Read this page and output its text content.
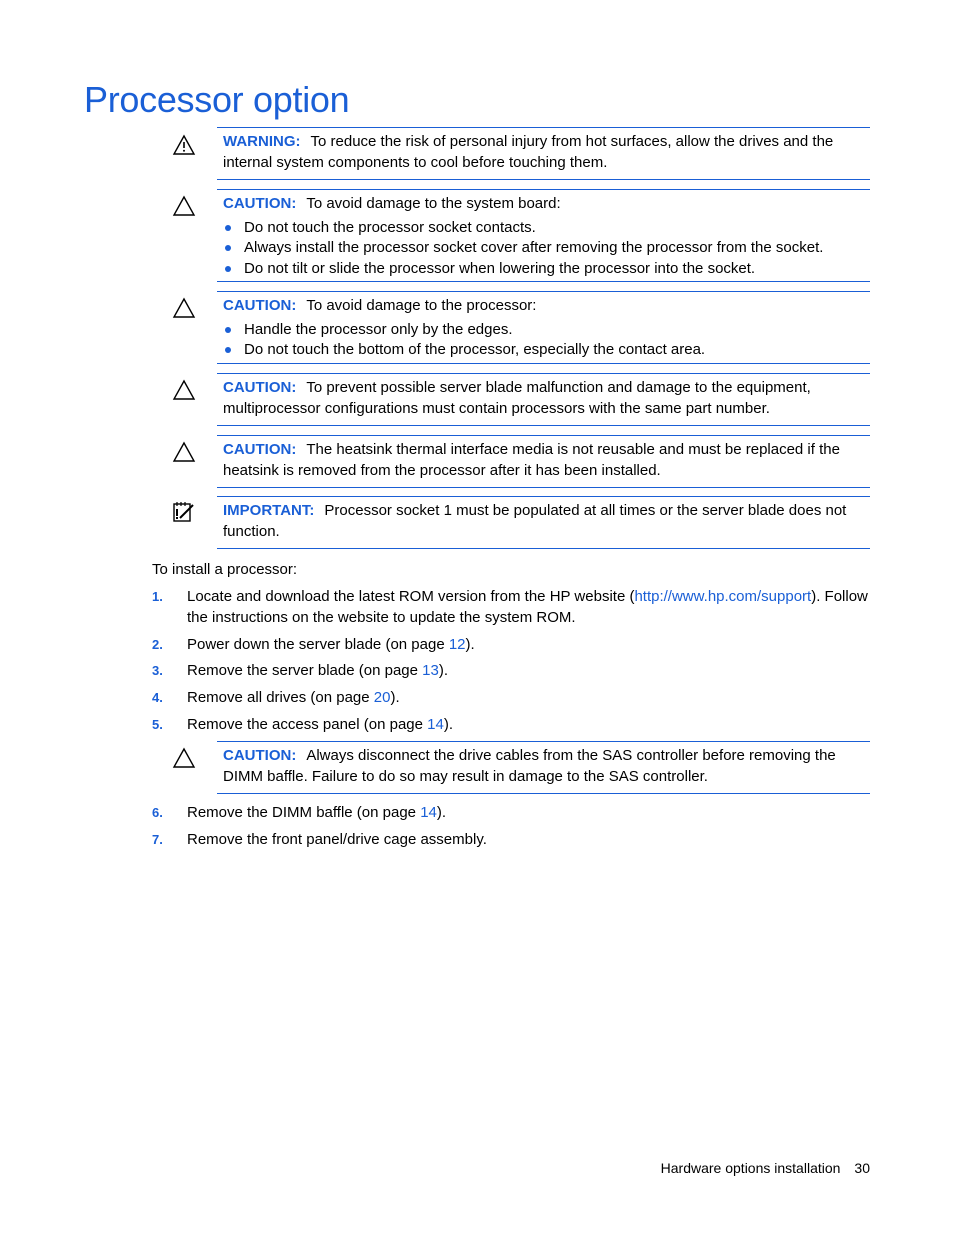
Processor option
WARNING: To reduce the risk of personal injury from hot surfaces, allow the drives and the internal system components to cool before touching them.
CAUTION: To avoid damage to the system board:
Do not touch the processor socket contacts.
Always install the processor socket cover after removing the processor from the socket.
Do not tilt or slide the processor when lowering the processor into the socket.
CAUTION: To avoid damage to the processor:
Handle the processor only by the edges.
Do not touch the bottom of the processor, especially the contact area.
CAUTION: To prevent possible server blade malfunction and damage to the equipment, multiprocessor configurations must contain processors with the same part number.
CAUTION: The heatsink thermal interface media is not reusable and must be replaced if the heatsink is removed from the processor after it has been installed.
IMPORTANT: Processor socket 1 must be populated at all times or the server blade does not function.
To install a processor:
1. Locate and download the latest ROM version from the HP website (http://www.hp.com/support). Follow the instructions on the website to update the system ROM.
2. Power down the server blade (on page 12).
3. Remove the server blade (on page 13).
4. Remove all drives (on page 20).
5. Remove the access panel (on page 14).
CAUTION: Always disconnect the drive cables from the SAS controller before removing the DIMM baffle. Failure to do so may result in damage to the SAS controller.
6. Remove the DIMM baffle (on page 14).
7. Remove the front panel/drive cage assembly.
Hardware options installation 30
